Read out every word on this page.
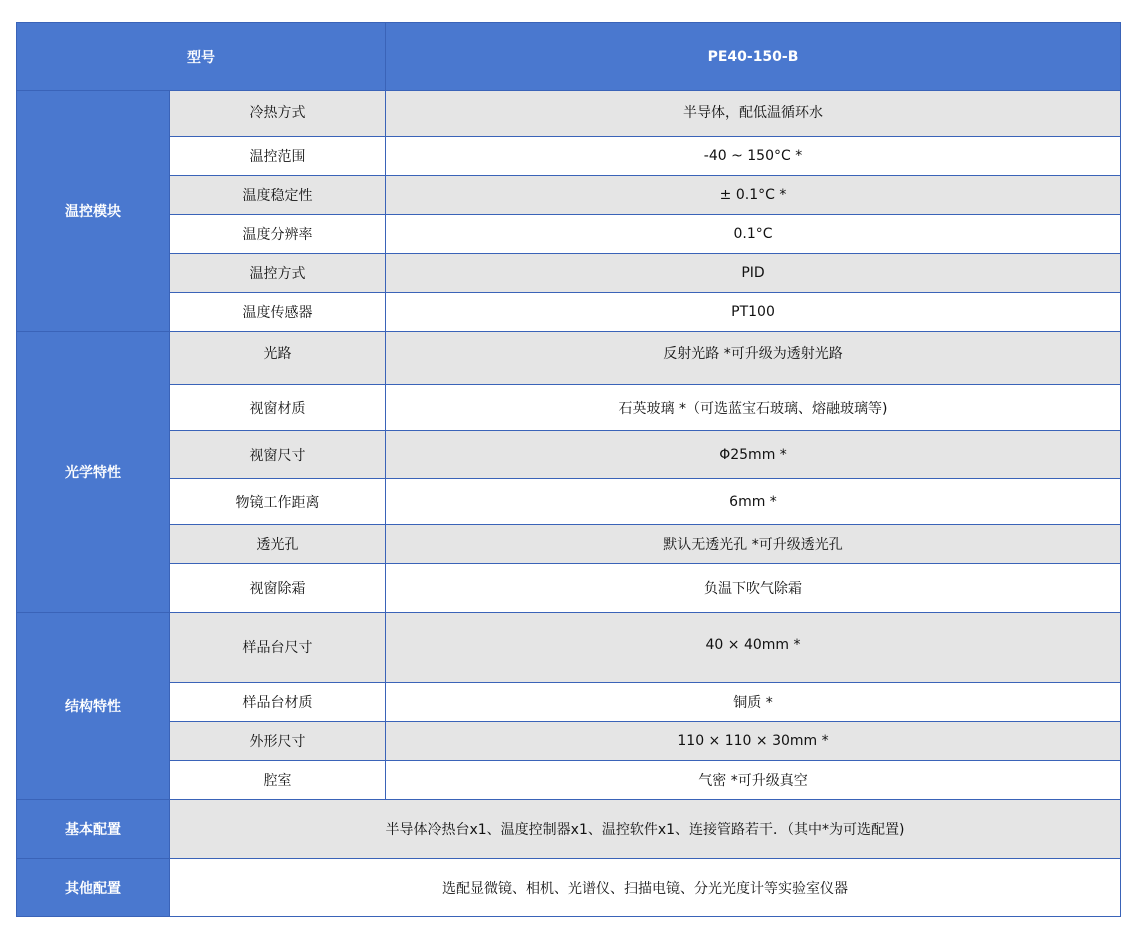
型号		PE40-150-B
温控模块	冷热方式	半导体，配低温循环水
	温控范围	-40 ~ 150°C *
	温度稳定性	± 0.1°C *
	温度分辨率	0.1°C
	温控方式	PID
	温度传感器	PT100
光学特性	光路	反射光路 *可升级为透射光路
	视窗材质	石英玻璃 *（可选蓝宝石玻璃、熔融玻璃等)
	视窗尺寸	Φ25mm *
	物镜工作距离	6mm *
	透光孔	默认无透光孔 *可升级透光孔
	视窗除霜	负温下吹气除霜
结构特性	样品台尺寸	40 × 40mm *
	样品台材质	铜质 *
	外形尺寸	110 × 110 × 30mm *
	腔室	气密 *可升级真空
基本配置	半导体冷热台x1、温度控制器x1、温控软件x1、连接管路若干．（其中*为可选配置)	
其他配置	选配显微镜、相机、光谱仪、扫描电镜、分光光度计等实验室仪器	
